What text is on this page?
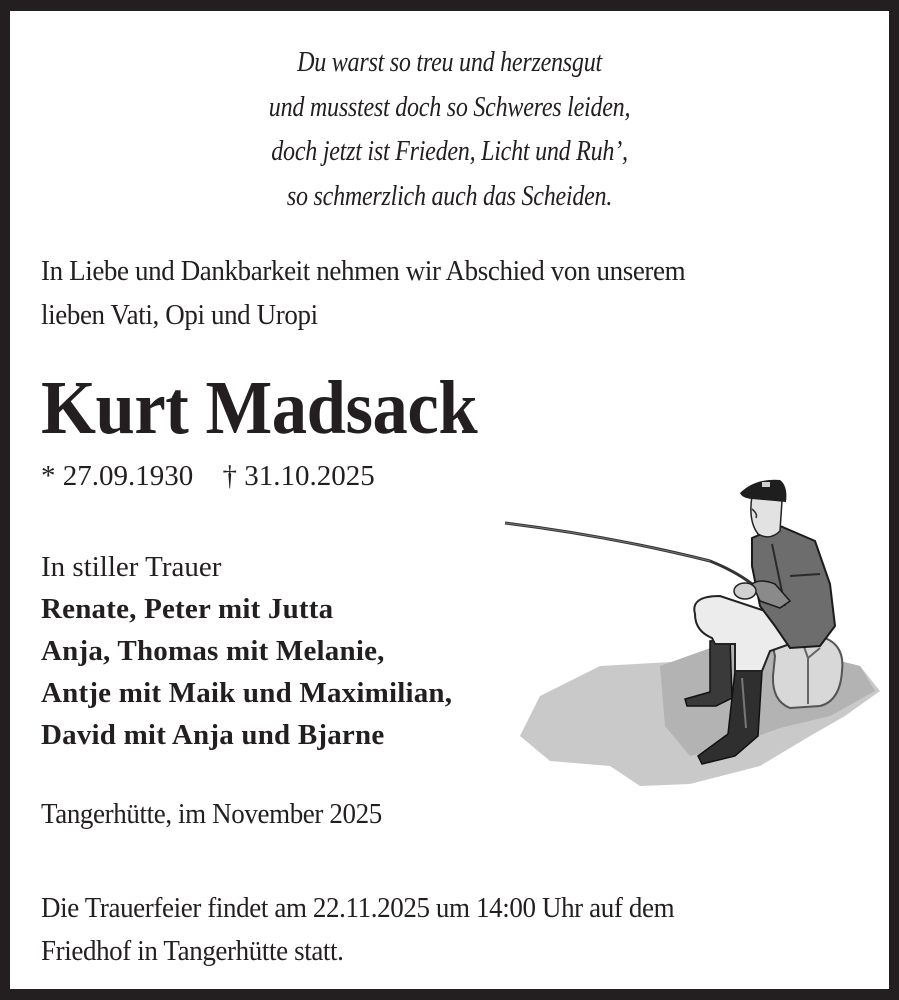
Du warst so treu und herzensgut
und musstest doch so Schweres leiden,
doch jetzt ist Frieden, Licht und Ruh’,
so schmerzlich auch das Scheiden.
In Liebe und Dankbarkeit nehmen wir Abschied von unserem
lieben Vati, Opi und Uropi
Kurt Madsack
* 27.09.1930 † 31.10.2025
In stiller Trauer
Renate, Peter mit Jutta
Anja, Thomas mit Melanie,
Antje mit Maik und Maximilian,
David mit Anja und Bjarne
Tangerhütte, im November 2025
Die Trauerfeier findet am 22.11.2025 um 14:00 Uhr auf dem
Friedhof in Tangerhütte statt.
